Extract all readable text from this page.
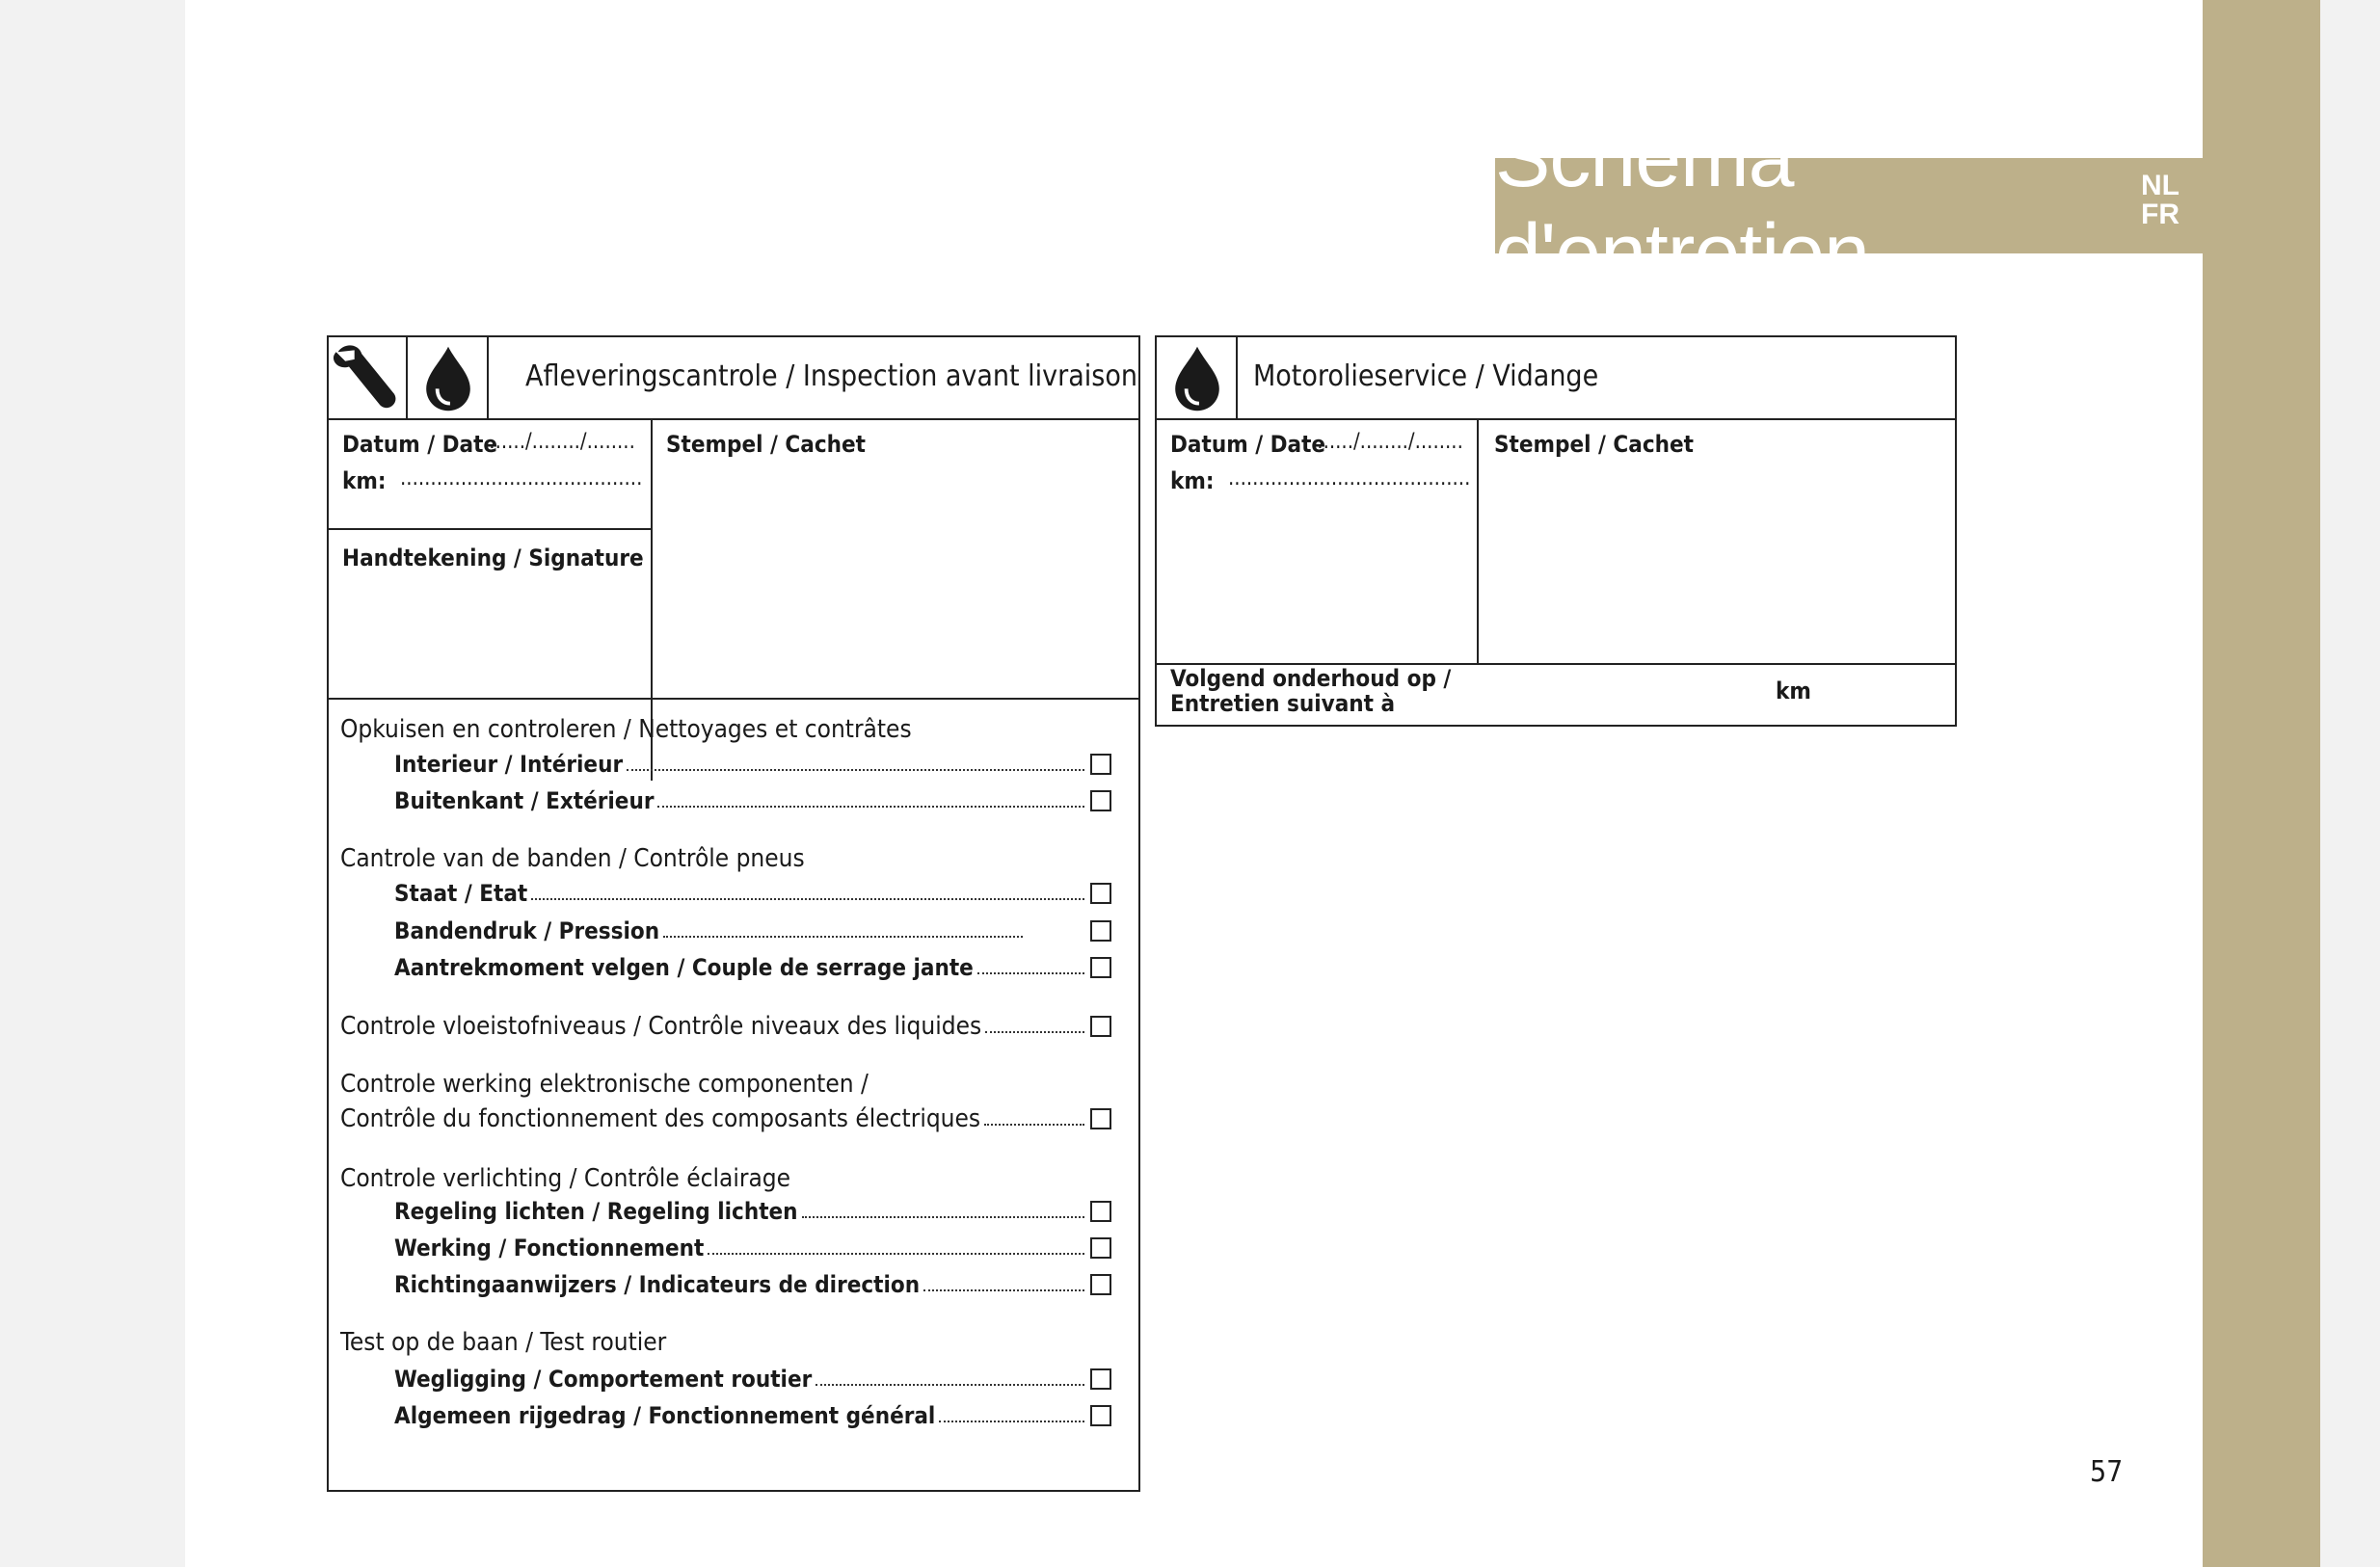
Schéma d'entretien
NL
FR
Afleveringscantrole / Inspection avant livraison
Datum / Date
......./......../........
km: ........................................
Handtekening / Signature
Stempel / Cachet
Opkuisen en controleren / Nettoyages et contrâtes
Interieur / Intérieur
Buitenkant / Extérieur
Cantrole van de banden / Contrôle pneus
Staat / Etat
Bandendruk / Pression
Aantrekmoment velgen / Couple de serrage jante
Controle vloeistofniveaus / Contrôle niveaux des liquides
Controle werking elektronische componenten /
Contrôle du fonctionnement des composants électriques
Controle verlichting / Contrôle éclairage
Regeling lichten / Regeling lichten
Werking / Fonctionnement
Richtingaanwijzers / Indicateurs de direction
Test op de baan / Test routier
Wegligging / Comportement routier
Algemeen rijgedrag / Fonctionnement général
Motorolieservice / Vidange
Datum / Date
......./......../........
km: ........................................
Stempel / Cachet
Volgend onderhoud op /
Entretien suivant à	km
57
